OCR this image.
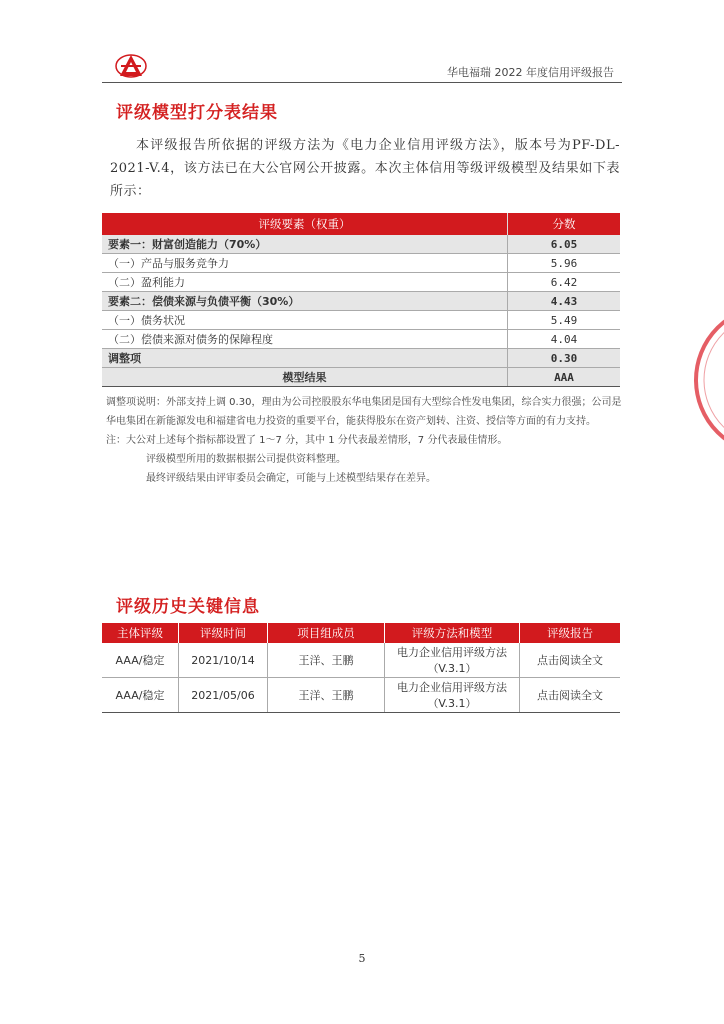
华电福瑞 2022 年度信用评级报告
评级模型打分表结果
本评级报告所依据的评级方法为《电力企业信用评级方法》，版本号为PF-DL-2021-V.4，该方法已在大公官网公开披露。本次主体信用等级评级模型及结果如下表所示：
评级要素（权重）	分数
要素一：财富创造能力（70%）	6.05
（一）产品与服务竞争力	5.96
（二）盈利能力	6.42
要素二：偿债来源与负债平衡（30%）	4.43
（一）债务状况	5.49
（二）偿债来源对债务的保障程度	4.04
调整项	0.30
模型结果	AAA

调整项说明：外部支持上调 0.30，理由为公司控股股东华电集团是国有大型综合性发电集团，综合实力很强；公司是华电集团在新能源发电和福建省电力投资的重要平台，能获得股东在资产划转、注资、授信等方面的有力支持。

注：大公对上述每个指标都设置了 1～7 分，其中 1 分代表最差情形，7 分代表最佳情形。

评级模型所用的数据根据公司提供资料整理。

最终评级结果由评审委员会确定，可能与上述模型结果存在差异。

评级历史关键信息
主体评级	评级时间	项目组成员	评级方法和模型	评级报告
AAA/稳定	2021/10/14	王洋、王鹏	电力企业信用评级方法（V.3.1）	点击阅读全文
AAA/稳定	2021/05/06	王洋、王鹏	电力企业信用评级方法（V.3.1）	点击阅读全文
5
